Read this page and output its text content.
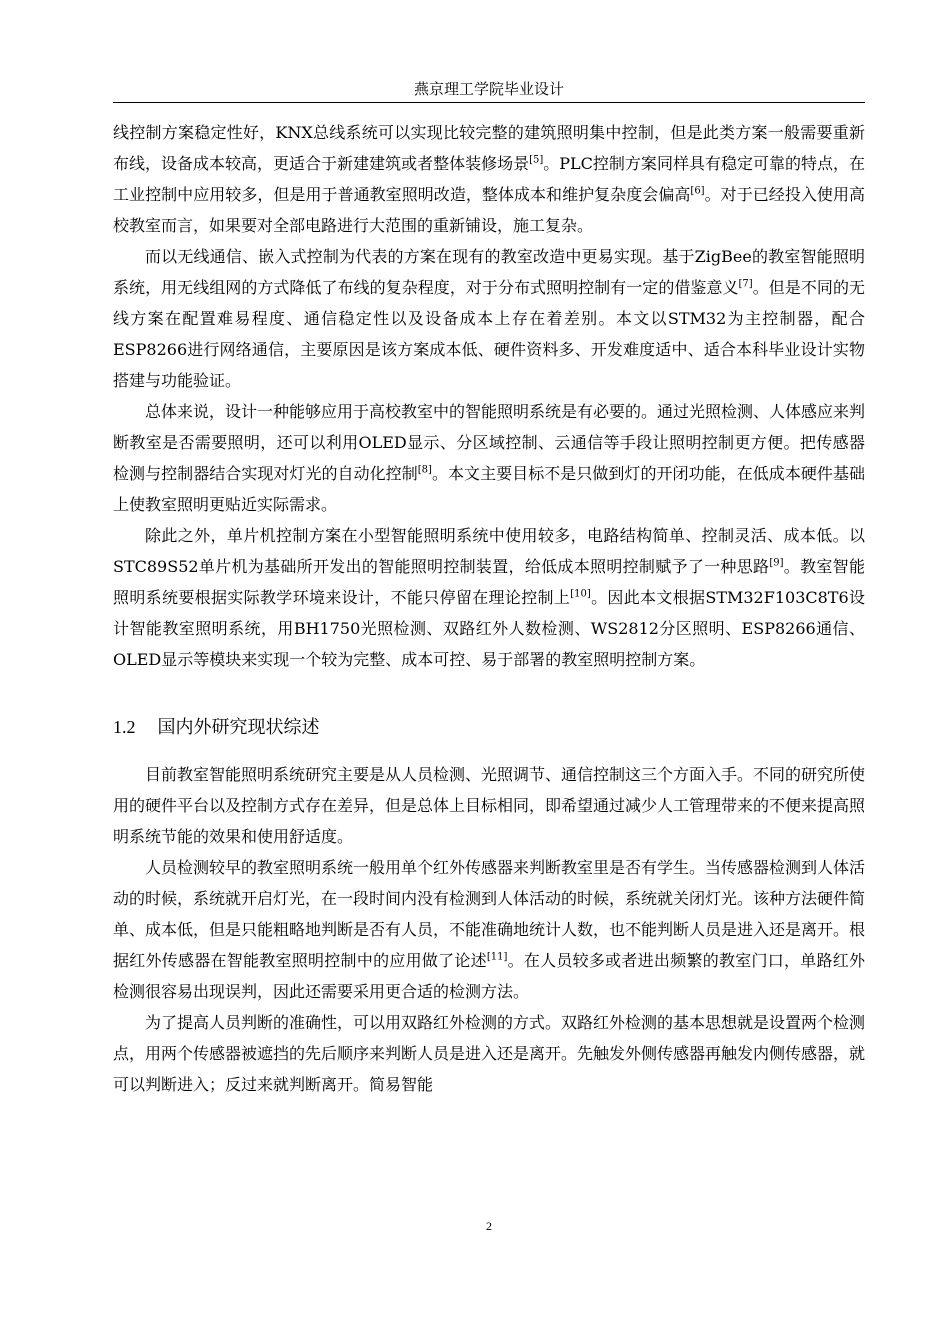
燕京理工学院毕业设计

线控制方案稳定性好，KNX总线系统可以实现比较完整的建筑照明集中控制，但是此类方案一般需要重新布线，设备成本较高，更适合于新建建筑或者整体装修场景[5]。PLC控制方案同样具有稳定可靠的特点，在工业控制中应用较多，但是用于普通教室照明改造，整体成本和维护复杂度会偏高[6]。对于已经投入使用高校教室而言，如果要对全部电路进行大范围的重新铺设，施工复杂。

而以无线通信、嵌入式控制为代表的方案在现有的教室改造中更易实现。基于ZigBee的教室智能照明系统，用无线组网的方式降低了布线的复杂程度，对于分布式照明控制有一定的借鉴意义[7]。但是不同的无线方案在配置难易程度、通信稳定性以及设备成本上存在着差别。本文以STM32为主控制器，配合ESP8266进行网络通信，主要原因是该方案成本低、硬件资料多、开发难度适中、适合本科毕业设计实物搭建与功能验证。

总体来说，设计一种能够应用于高校教室中的智能照明系统是有必要的。通过光照检测、人体感应来判断教室是否需要照明，还可以利用OLED显示、分区域控制、云通信等手段让照明控制更方便。把传感器检测与控制器结合实现对灯光的自动化控制[8]。本文主要目标不是只做到灯的开闭功能，在低成本硬件基础上使教室照明更贴近实际需求。

除此之外，单片机控制方案在小型智能照明系统中使用较多，电路结构简单、控制灵活、成本低。以STC89S52单片机为基础所开发出的智能照明控制装置，给低成本照明控制赋予了一种思路[9]。教室智能照明系统要根据实际教学环境来设计，不能只停留在理论控制上[10]。因此本文根据STM32F103C8T6设计智能教室照明系统，用BH1750光照检测、双路红外人数检测、WS2812分区照明、ESP8266通信、OLED显示等模块来实现一个较为完整、成本可控、易于部署的教室照明控制方案。

1.2 国内外研究现状综述

目前教室智能照明系统研究主要是从人员检测、光照调节、通信控制这三个方面入手。不同的研究所使用的硬件平台以及控制方式存在差异，但是总体上目标相同，即希望通过减少人工管理带来的不便来提高照明系统节能的效果和使用舒适度。

人员检测较早的教室照明系统一般用单个红外传感器来判断教室里是否有学生。当传感器检测到人体活动的时候，系统就开启灯光，在一段时间内没有检测到人体活动的时候，系统就关闭灯光。该种方法硬件简单、成本低，但是只能粗略地判断是否有人员，不能准确地统计人数，也不能判断人员是进入还是离开。根据红外传感器在智能教室照明控制中的应用做了论述[11]。在人员较多或者进出频繁的教室门口，单路红外检测很容易出现误判，因此还需要采用更合适的检测方法。

为了提高人员判断的准确性，可以用双路红外检测的方式。双路红外检测的基本思想就是设置两个检测点，用两个传感器被遮挡的先后顺序来判断人员是进入还是离开。先触发外侧传感器再触发内侧传感器，就可以判断进入；反过来就判断离开。简易智能

2
